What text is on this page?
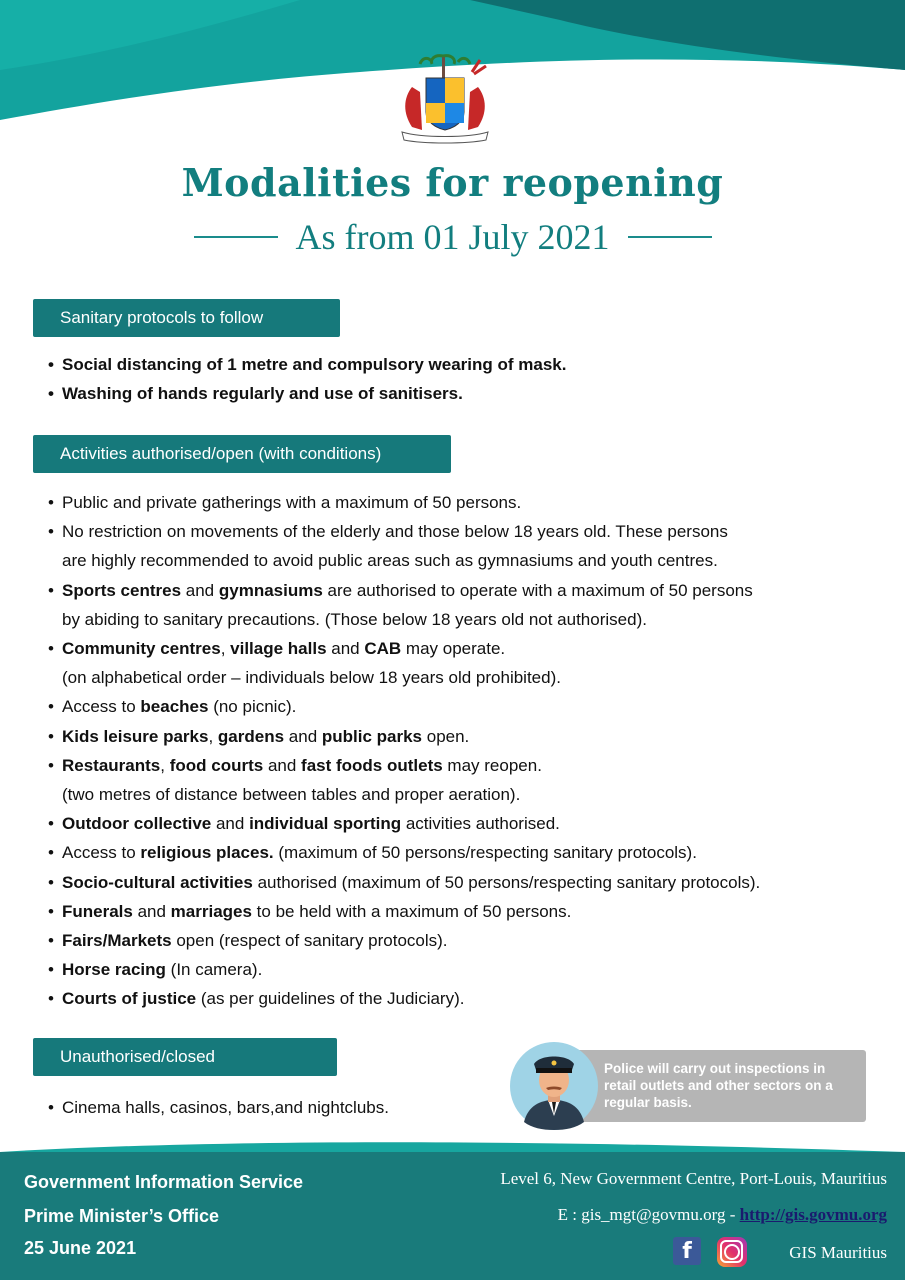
Modalities for reopening
As from 01 July 2021
Sanitary protocols to follow
• Social distancing of 1 metre and compulsory wearing of mask.
• Washing of hands regularly and use of sanitisers.
Activities authorised/open (with conditions)
• Public and private gatherings with a maximum of 50 persons.
• No restriction on movements of the elderly and those below 18 years old. These persons
are highly recommended to avoid public areas such as gymnasiums and youth centres.
• Sports centres and gymnasiums are authorised to operate with a maximum of 50 persons
by abiding to sanitary precautions. (Those below 18 years old not authorised).
• Community centres, village halls and CAB may operate.
(on alphabetical order – individuals below 18 years old prohibited).
• Access to beaches (no picnic).
• Kids leisure parks, gardens and public parks open.
• Restaurants, food courts and fast foods outlets may reopen.
(two metres of distance between tables and proper aeration).
• Outdoor collective and individual sporting activities authorised.
• Access to religious places. (maximum of 50 persons/respecting sanitary protocols).
• Socio-cultural activities authorised (maximum of 50 persons/respecting sanitary protocols).
• Funerals and marriages to be held with a maximum of 50 persons.
• Fairs/Markets open (respect of sanitary protocols).
• Horse racing (In camera).
• Courts of justice (as per guidelines of the Judiciary).
Unauthorised/closed
• Cinema halls, casinos, bars,and nightclubs.
Police will carry out inspections in retail outlets and other sectors on a regular basis.
Government Information Service
Prime Minister’s Office
25 June 2021
Level 6, New Government Centre, Port-Louis, Mauritius
E : gis_mgt@govmu.org - http://gis.govmu.org
f	GIS Mauritius
